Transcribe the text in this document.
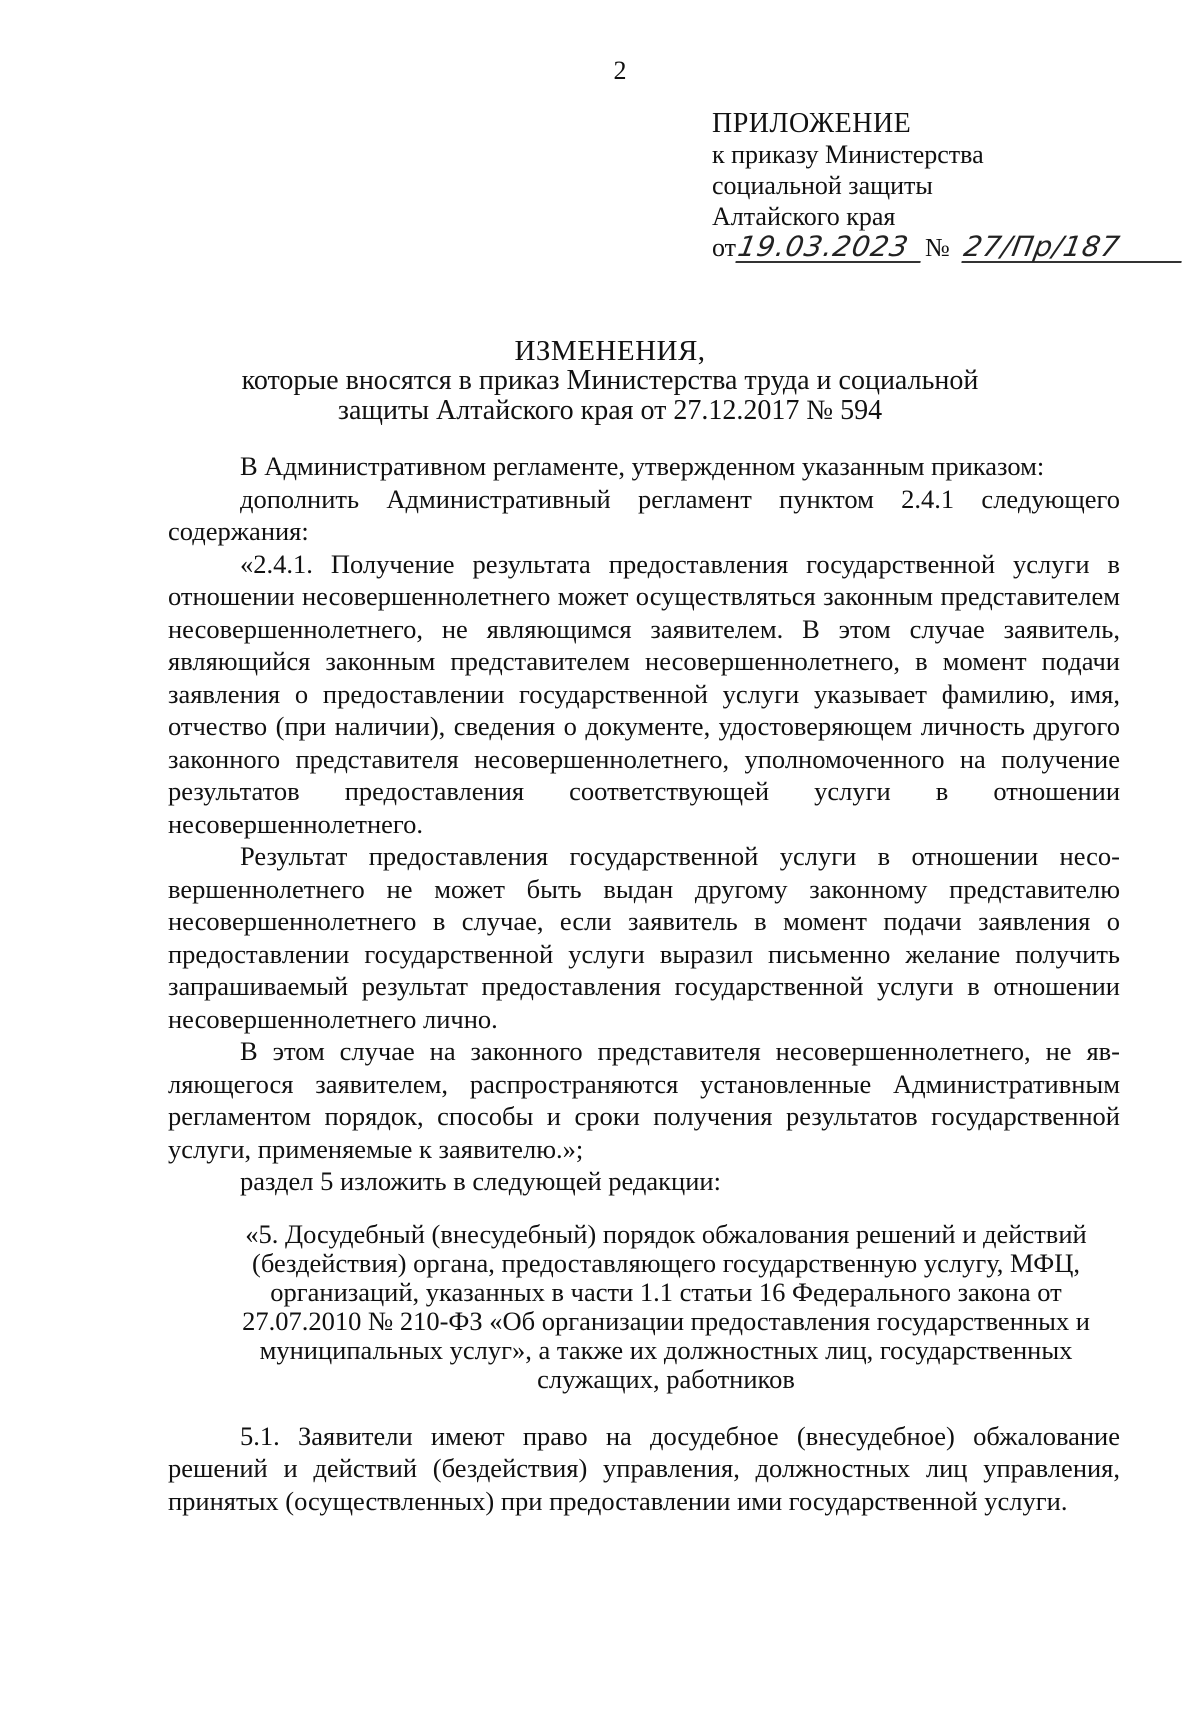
2
ПРИЛОЖЕНИЕ
к приказу Министерства
социальной защиты
Алтайского края
от 19.03.2023 № 27/Пр/187
ИЗМЕНЕНИЯ,
которые вносятся в приказ Министерства труда и социальной
защиты Алтайского края от 27.12.2017 № 594

В Административном регламенте, утвержденном указанным приказом:

дополнить Административный регламент пунктом 2.4.1 следующего содержания:

«2.4.1. Получение результата предоставления государственной услуги в отношении несовершеннолетнего может осуществляться законным представителем несовершеннолетнего, не являющимся заявителем. В этом случае заявитель, являющийся законным представителем несовершеннолетнего, в момент подачи заявления о предоставлении государственной услуги указывает фамилию, имя, отчество (при наличии), сведения о документе, удостоверяющем личность другого законного представителя несовершеннолетнего, уполномоченного на получение результатов предоставления соответствующей услуги в отношении несовершеннолетнего.

Результат предоставления государственной услуги в отношении несовершеннолетнего не может быть выдан другому законному представителю несовершеннолетнего в случае, если заявитель в момент подачи заявления о предоставлении государственной услуги выразил письменно желание получить запрашиваемый результат предоставления государственной услуги в отношении несовершеннолетнего лично.

В этом случае на законного представителя несовершеннолетнего, не являющегося заявителем, распространяются установленные Административным регламентом порядок, способы и сроки получения результатов государственной услуги, применяемые к заявителю.»;

раздел 5 изложить в следующей редакции:

«5. Досудебный (внесудебный) порядок обжалования решений и действий (бездействия) органа, предоставляющего государственную услугу, МФЦ, организаций, указанных в части 1.1 статьи 16 Федерального закона от 27.07.2010 № 210-ФЗ «Об организации предоставления государственных и муниципальных услуг», а также их должностных лиц, государственных служащих, работников

5.1. Заявители имеют право на досудебное (внесудебное) обжалование решений и действий (бездействия) управления, должностных лиц управления, принятых (осуществленных) при предоставлении ими государственной услуги.
